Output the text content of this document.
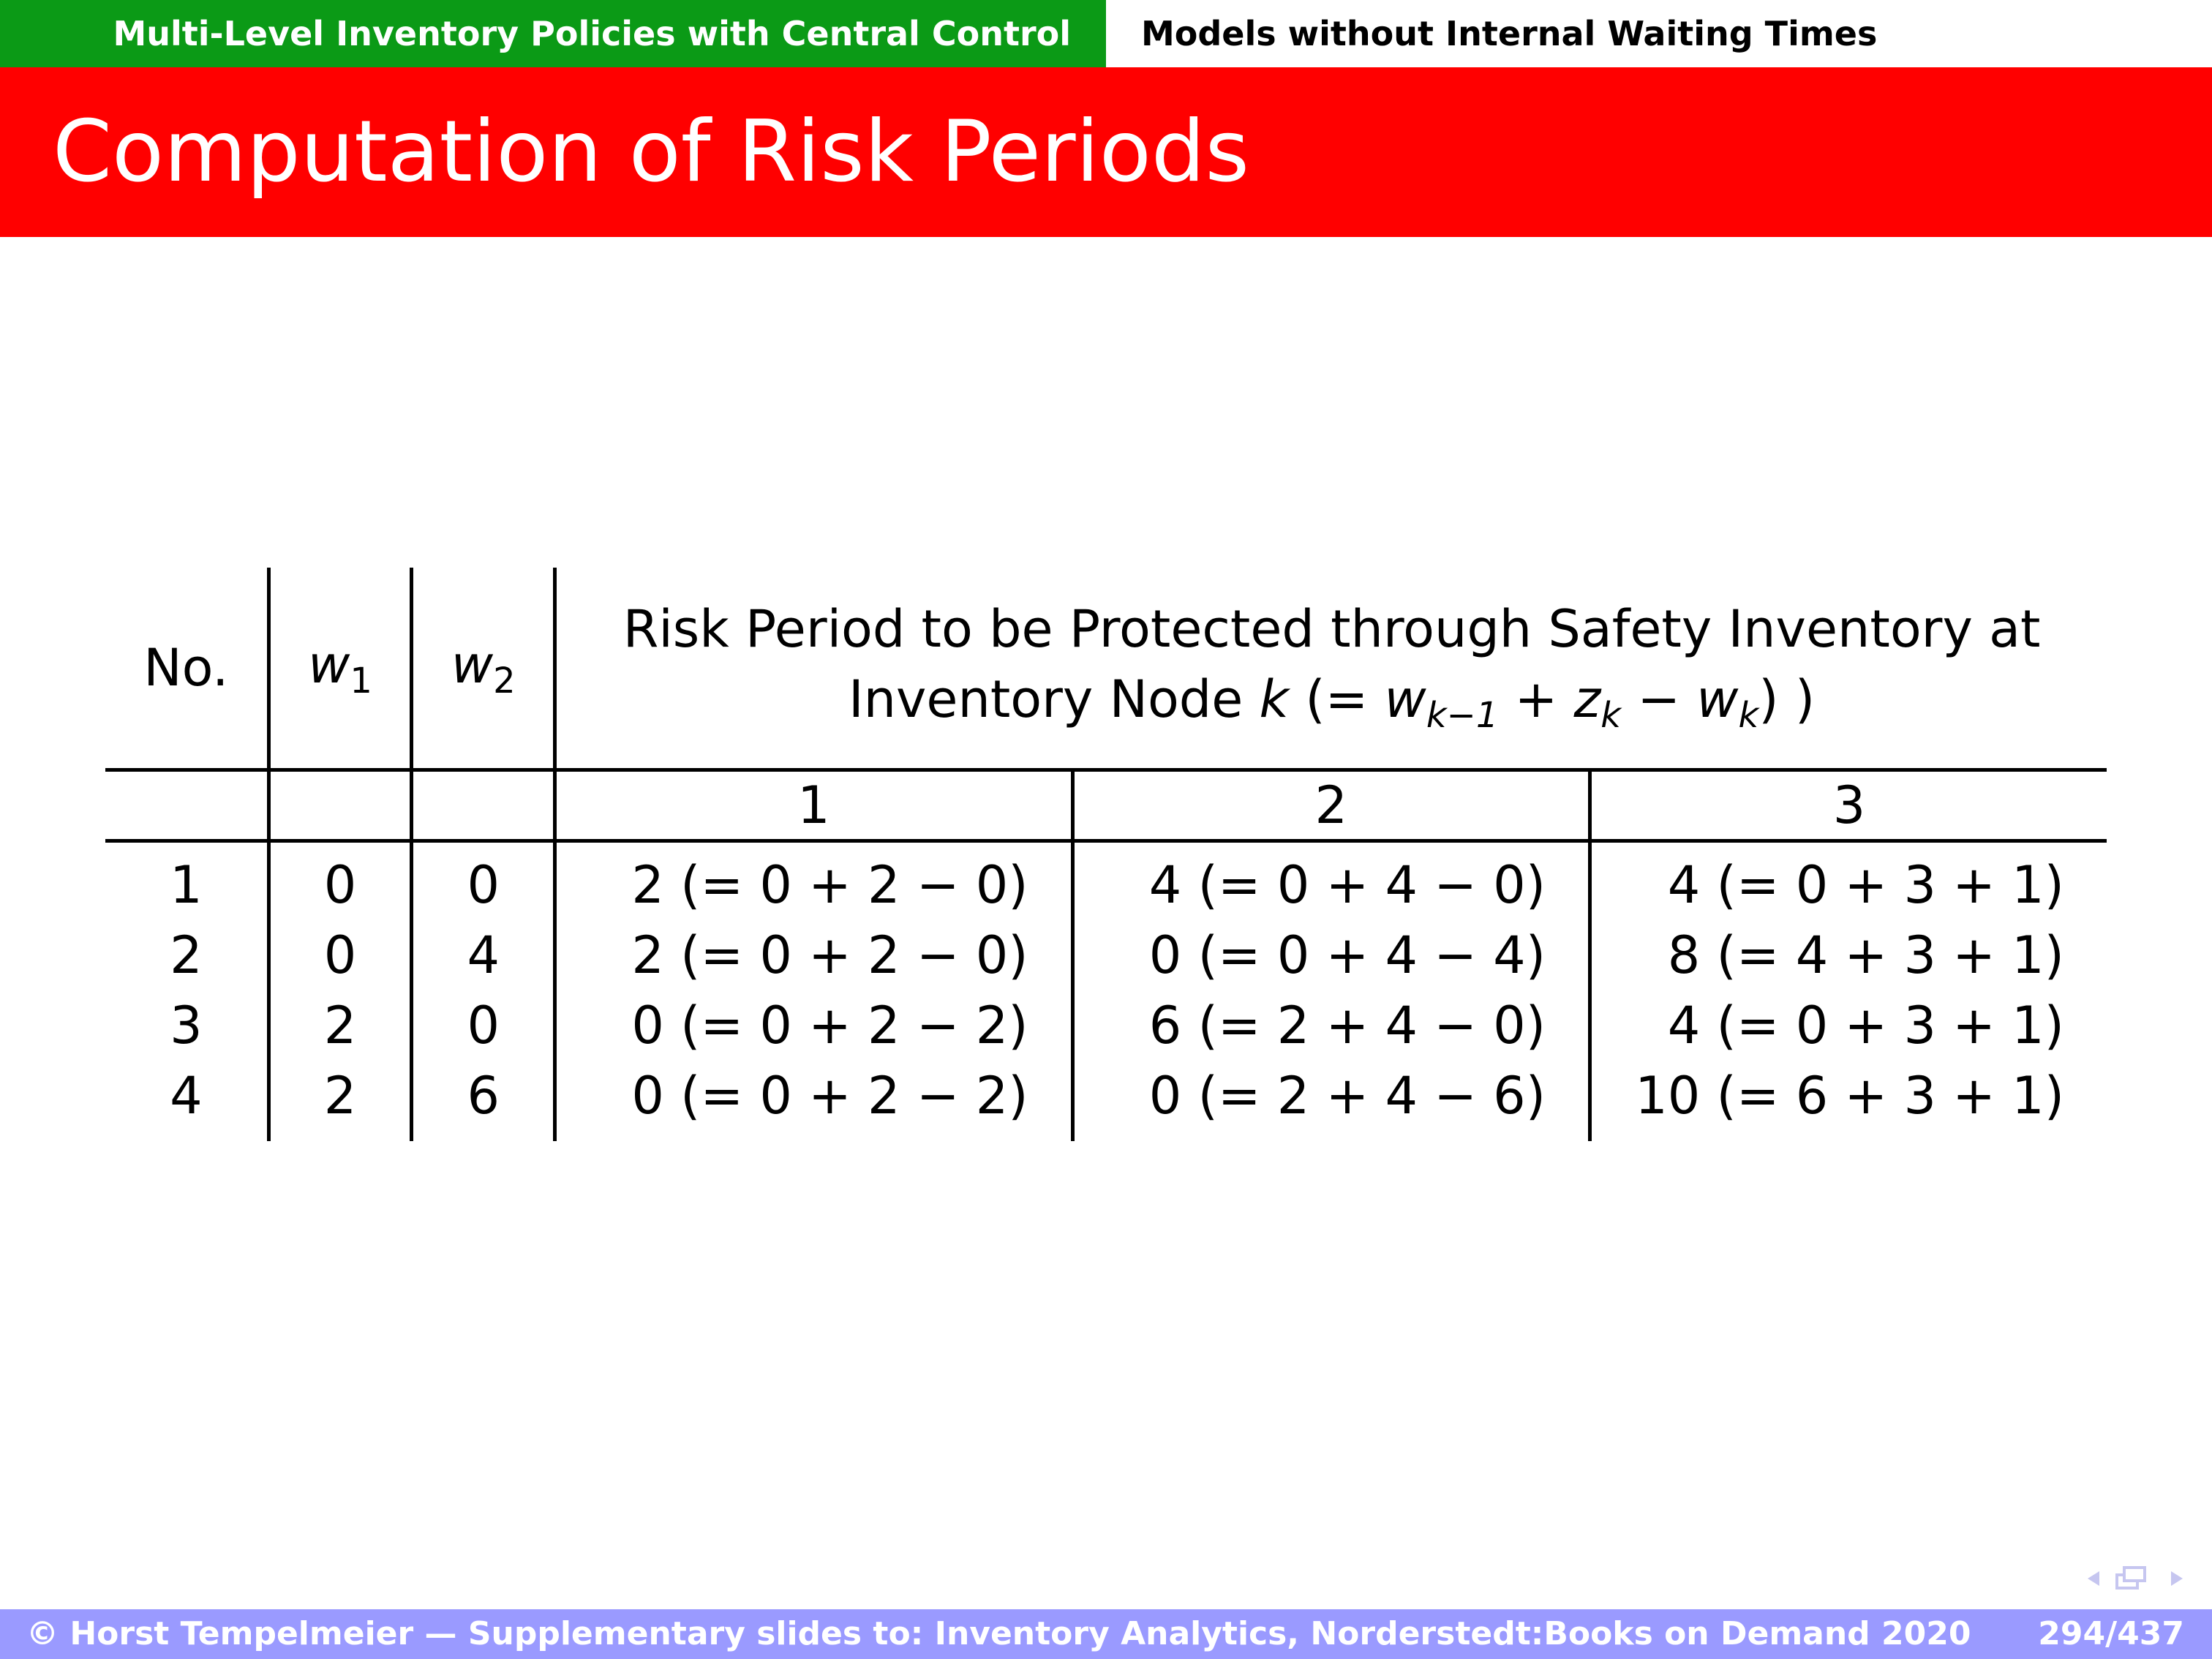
Multi-Level Inventory Policies with Central Control	Models without Internal Waiting Times
Computation of Risk Periods
No.	$w_1$	$w_2$	Risk Period to be Protected through Safety Inventory at
Inventory Node k (= $w_{k-1} + z_k - w_k$) )		

			1	2	3
1	0	0	2 (= 0 + 2 − 0)	4 (= 0 + 4 − 0)	4 (= 0 + 3 + 1)
2	0	4	2 (= 0 + 2 − 0)	0 (= 0 + 4 − 4)	8 (= 4 + 3 + 1)
3	2	0	0 (= 0 + 2 − 2)	6 (= 2 + 4 − 0)	4 (= 0 + 3 + 1)
4	2	6	0 (= 0 + 2 − 2)	0 (= 2 + 4 − 6)	10 (= 6 + 3 + 1)
© Horst Tempelmeier — Supplementary slides to: Inventory Analytics, Norderstedt:Books on Demand 2020 294/437
